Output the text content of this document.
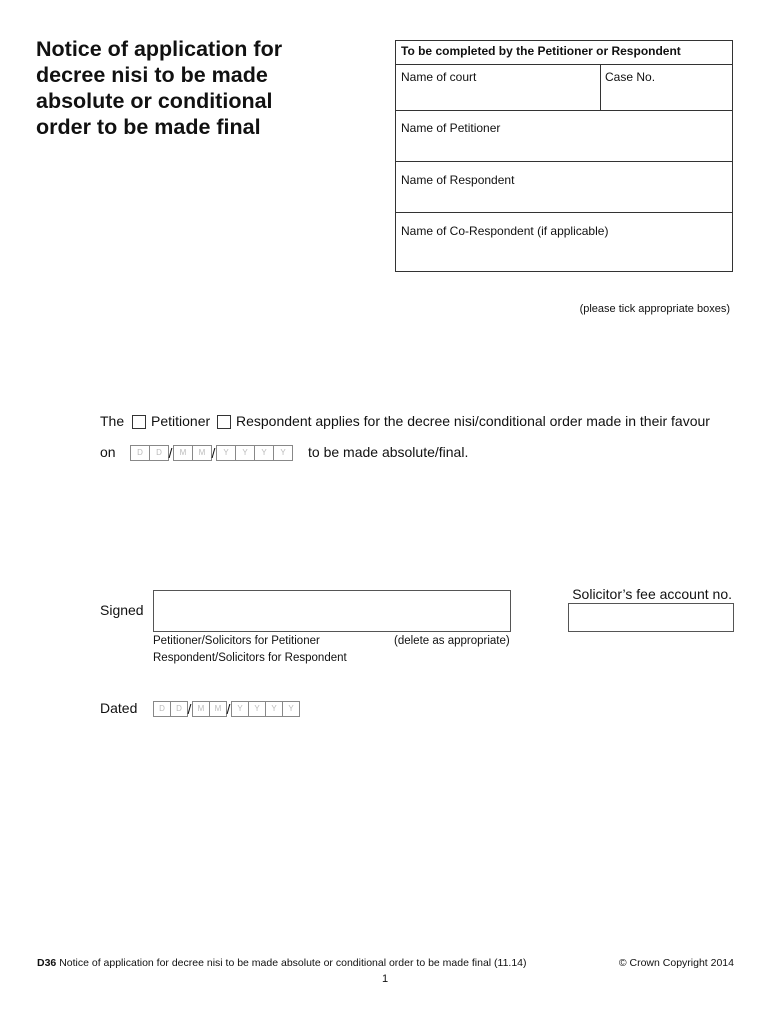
Notice of application for
decree nisi to be made
absolute or conditional
order to be made final
To be completed by the Petitioner or Respondent
Name of court	Case No.
Name of Petitioner
Name of Respondent
Name of Co-Respondent (if applicable)
(please tick appropriate boxes)
The Petitioner Respondent applies for the decree nisi/conditional order made in their favour
on	D	D / M	M / Y	Y	Y	Y	to be made absolute/final.
Signed
Solicitor’s fee account no.
Petitioner/Solicitors for Petitioner
Respondent/Solicitors for Respondent
(delete as appropriate)
Dated	D	D / M	M / Y	Y	Y	Y
D36 Notice of application for decree nisi to be made absolute or conditional order to be made final (11.14)	© Crown Copyright 2014
1
